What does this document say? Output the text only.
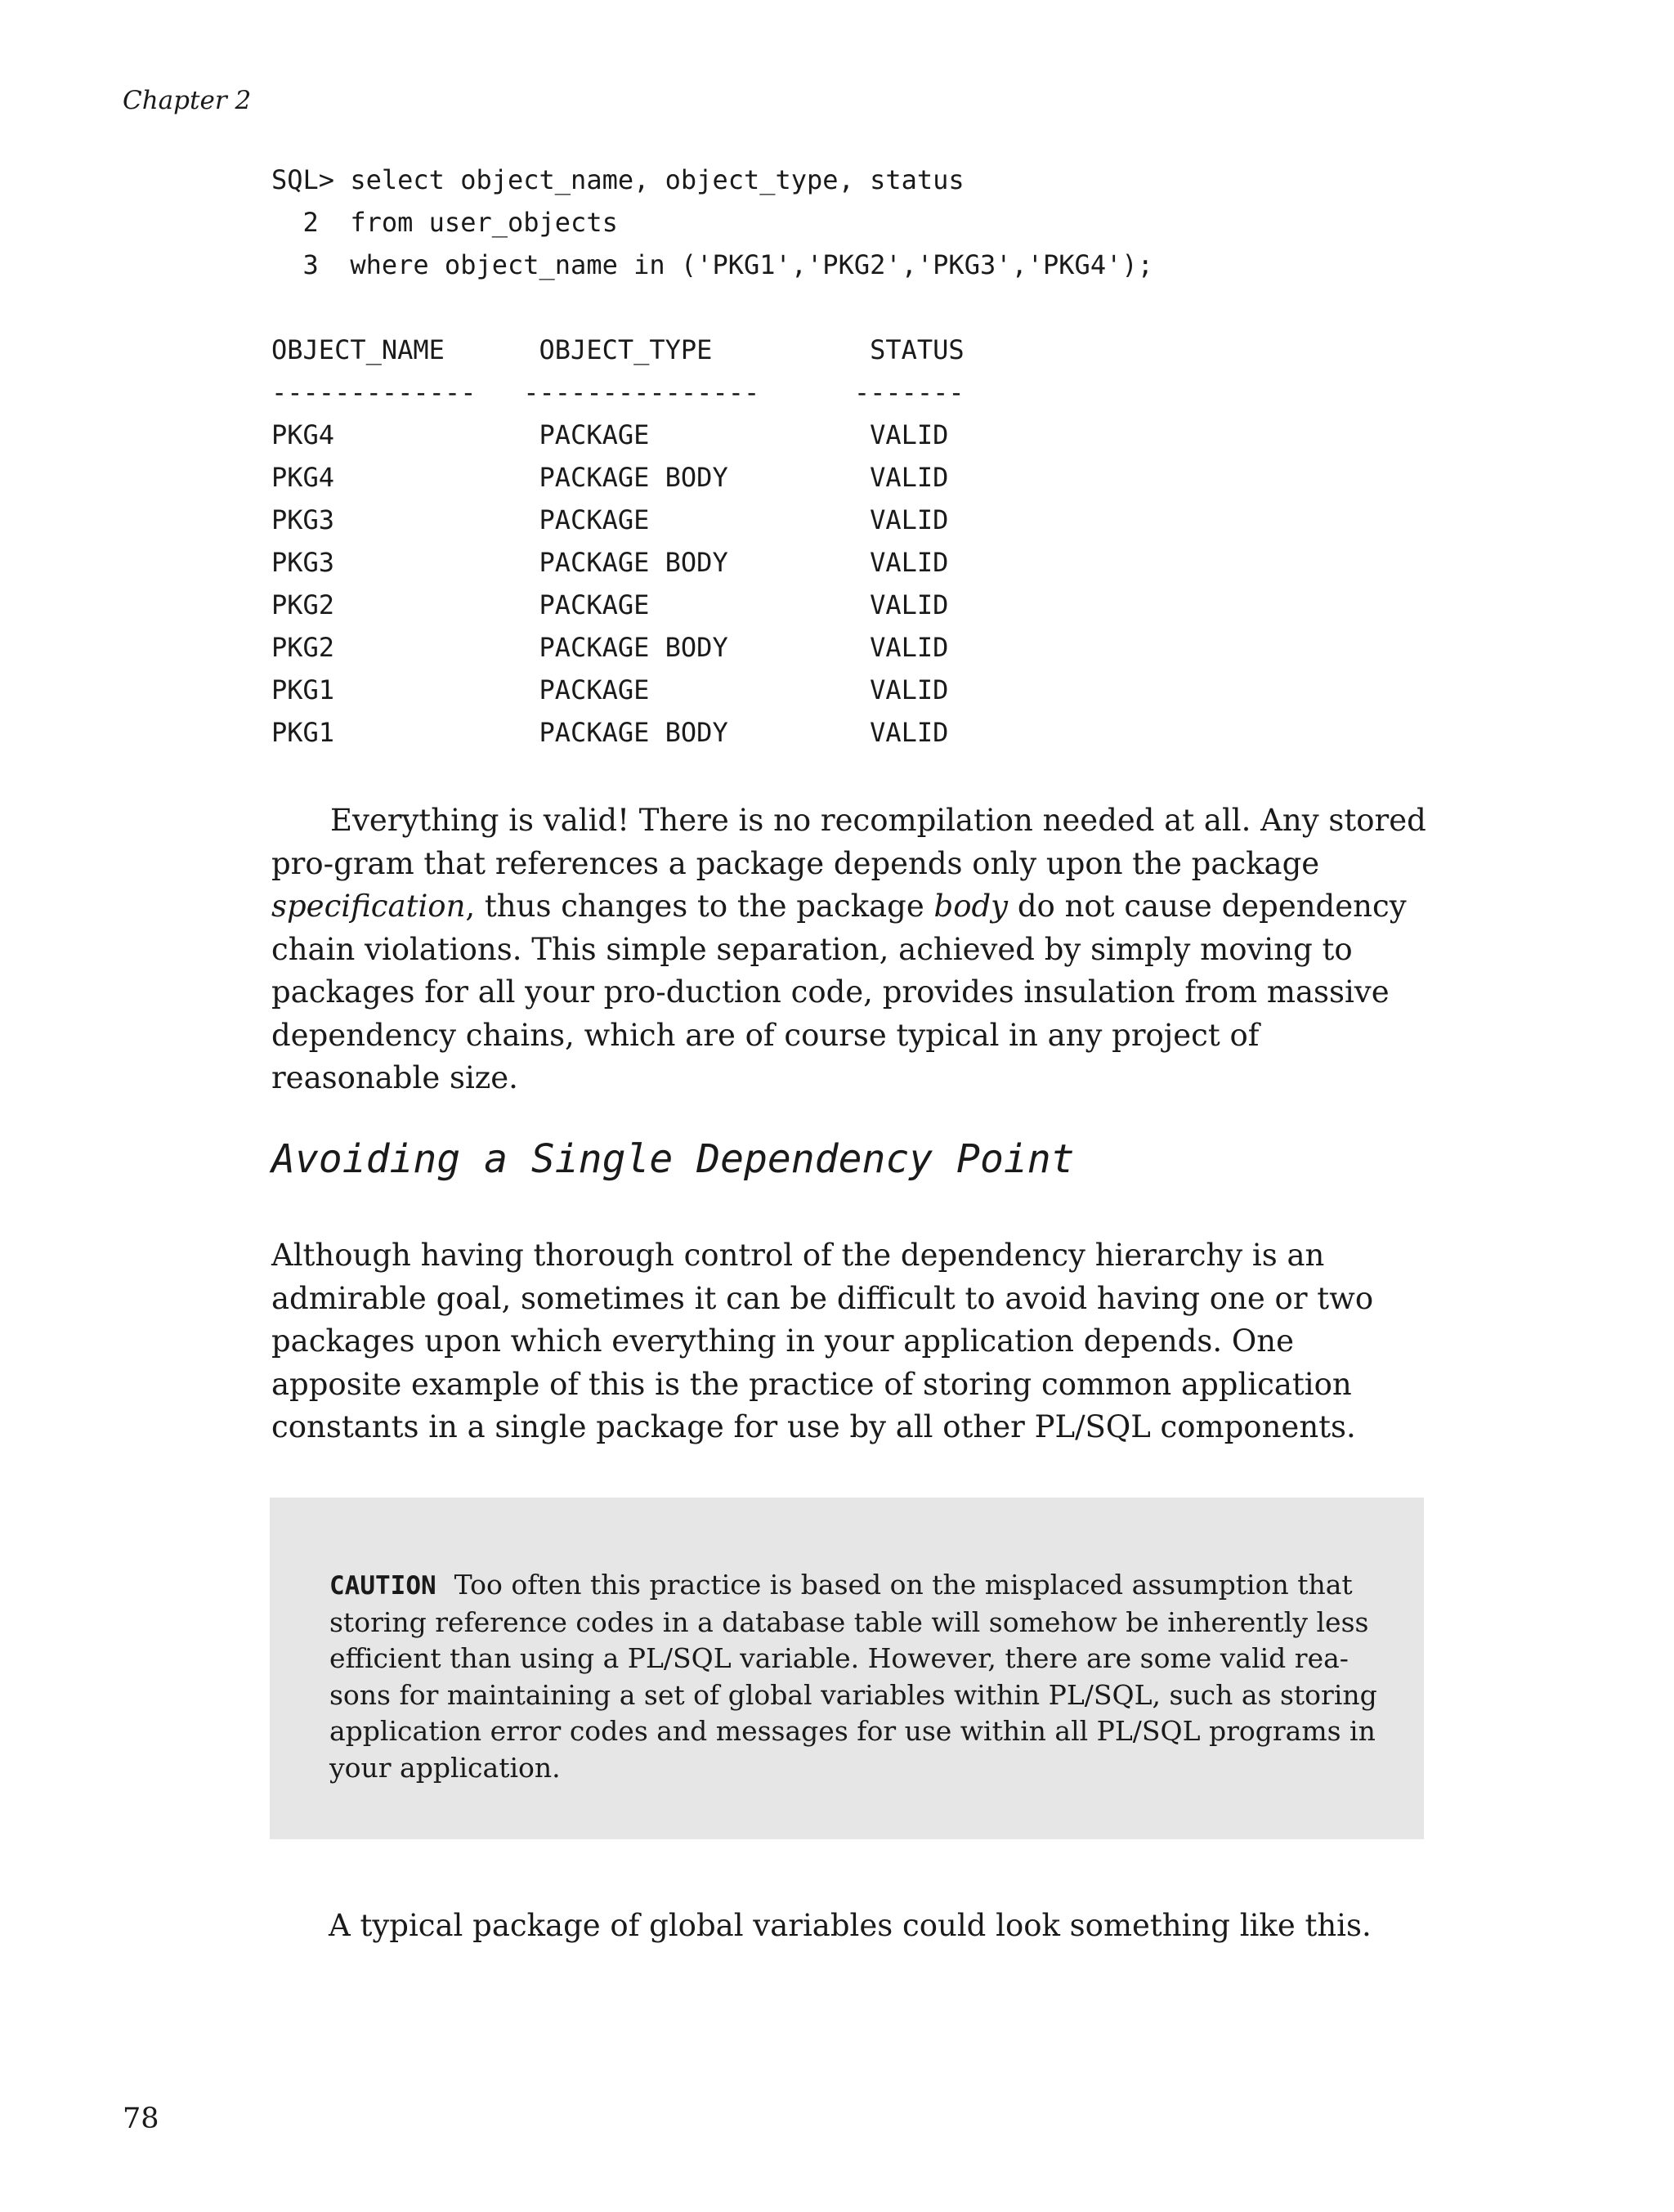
Chapter 2

SQL> select object_name, object_type, status
2  from user_objects
3  where object_name in ('PKG1','PKG2','PKG3','PKG4');
OBJECT_NAME      OBJECT_TYPE          STATUS
-------------   ---------------      -------
PKG4	PACKAGE	VALID
PKG4	PACKAGE BODY	VALID
PKG3	PACKAGE	VALID
PKG3	PACKAGE BODY	VALID
PKG2	PACKAGE	VALID
PKG2	PACKAGE BODY	VALID
PKG1	PACKAGE	VALID
PKG1	PACKAGE BODY	VALID

Everything is valid! There is no recompilation needed at all. Any stored pro-gram that references a package depends only upon the package specification, thus changes to the package body do not cause dependency chain violations. This simple separation, achieved by simply moving to packages for all your pro-duction code, provides insulation from massive dependency chains, which are of course typical in any project of reasonable size.

Avoiding a Single Dependency Point

Although having thorough control of the dependency hierarchy is an admirable goal, sometimes it can be difficult to avoid having one or two packages upon which everything in your application depends. One apposite example of this is the practice of storing common application constants in a single package for use by all other PL/SQL components.

CAUTION Too often this practice is based on the misplaced assumption that storing reference codes in a database table will somehow be inherently less efficient than using a PL/SQL variable. However, there are some valid rea-sons for maintaining a set of global variables within PL/SQL, such as storing application error codes and messages for use within all PL/SQL programs in your application.

A typical package of global variables could look something like this.

78
